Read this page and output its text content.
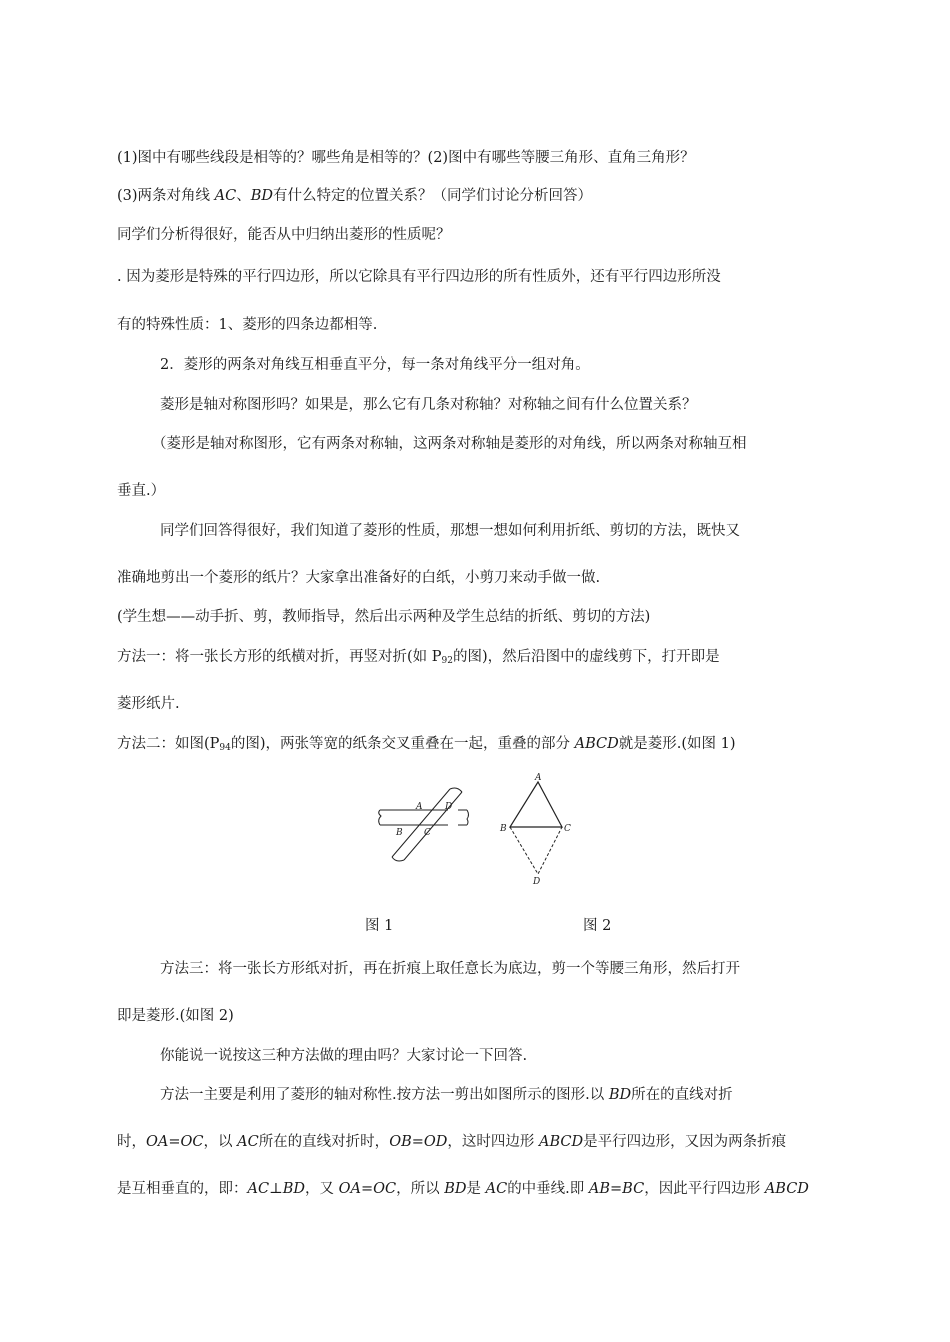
(1)图中有哪些线段是相等的？哪些角是相等的？(2)图中有哪些等腰三角形、直角三角形？
(3)两条对角线 AC、BD有什么特定的位置关系？（同学们讨论分析回答）
同学们分析得很好，能否从中归纳出菱形的性质呢？
. 因为菱形是特殊的平行四边形，所以它除具有平行四边形的所有性质外，还有平行四边形所没
有的特殊性质：1、菱形的四条边都相等.
2．菱形的两条对角线互相垂直平分，每一条对角线平分一组对角。
菱形是轴对称图形吗？如果是，那么它有几条对称轴？对称轴之间有什么位置关系？
（菱形是轴对称图形，它有两条对称轴，这两条对称轴是菱形的对角线，所以两条对称轴互相
垂直.）
同学们回答得很好，我们知道了菱形的性质，那想一想如何利用折纸、剪切的方法，既快又
准确地剪出一个菱形的纸片？大家拿出准备好的白纸，小剪刀来动手做一做.
(学生想——动手折、剪，教师指导，然后出示两种及学生总结的折纸、剪切的方法)
方法一：将一张长方形的纸横对折，再竖对折(如 $P_{92}$的图)，然后沿图中的虚线剪下，打开即是
菱形纸片.
方法二：如图($P_{94}$的图)，两张等宽的纸条交叉重叠在一起，重叠的部分 ABCD就是菱形.(如图 1)
A	D
B C
A
B	C
D
图 1	图 2
方法三：将一张长方形纸对折，再在折痕上取任意长为底边，剪一个等腰三角形，然后打开
即是菱形.(如图 2)
你能说一说按这三种方法做的理由吗？大家讨论一下回答.
方法一主要是利用了菱形的轴对称性.按方法一剪出如图所示的图形.以 BD所在的直线对折
时，OA=OC，以 AC所在的直线对折时，OB=OD，这时四边形 ABCD是平行四边形，又因为两条折痕
是互相垂直的，即：AC⊥BD，又 OA=OC，所以 BD是 AC的中垂线.即 AB=BC，因此平行四边形 ABCD
